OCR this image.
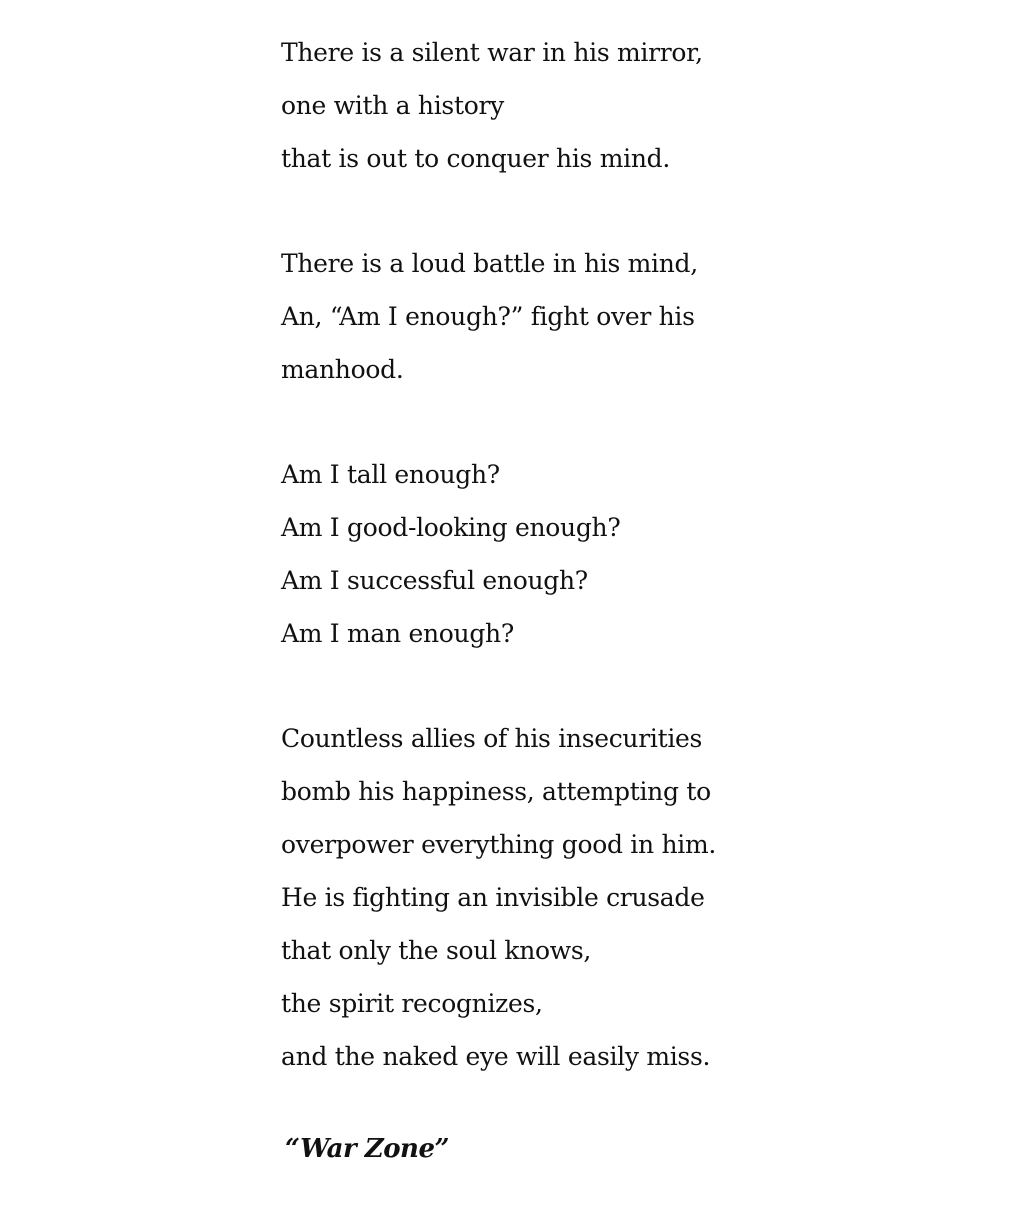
There is a silent war in his mirror,
one with a history
that is out to conquer his mind.
There is a loud battle in his mind,
An, “Am I enough?” fight over his
manhood.
Am I tall enough?
Am I good-looking enough?
Am I successful enough?
Am I man enough?
Countless allies of his insecurities
bomb his happiness, attempting to
overpower everything good in him.
He is fighting an invisible crusade
that only the soul knows,
the spirit recognizes,
and the naked eye will easily miss.
“War Zone”
